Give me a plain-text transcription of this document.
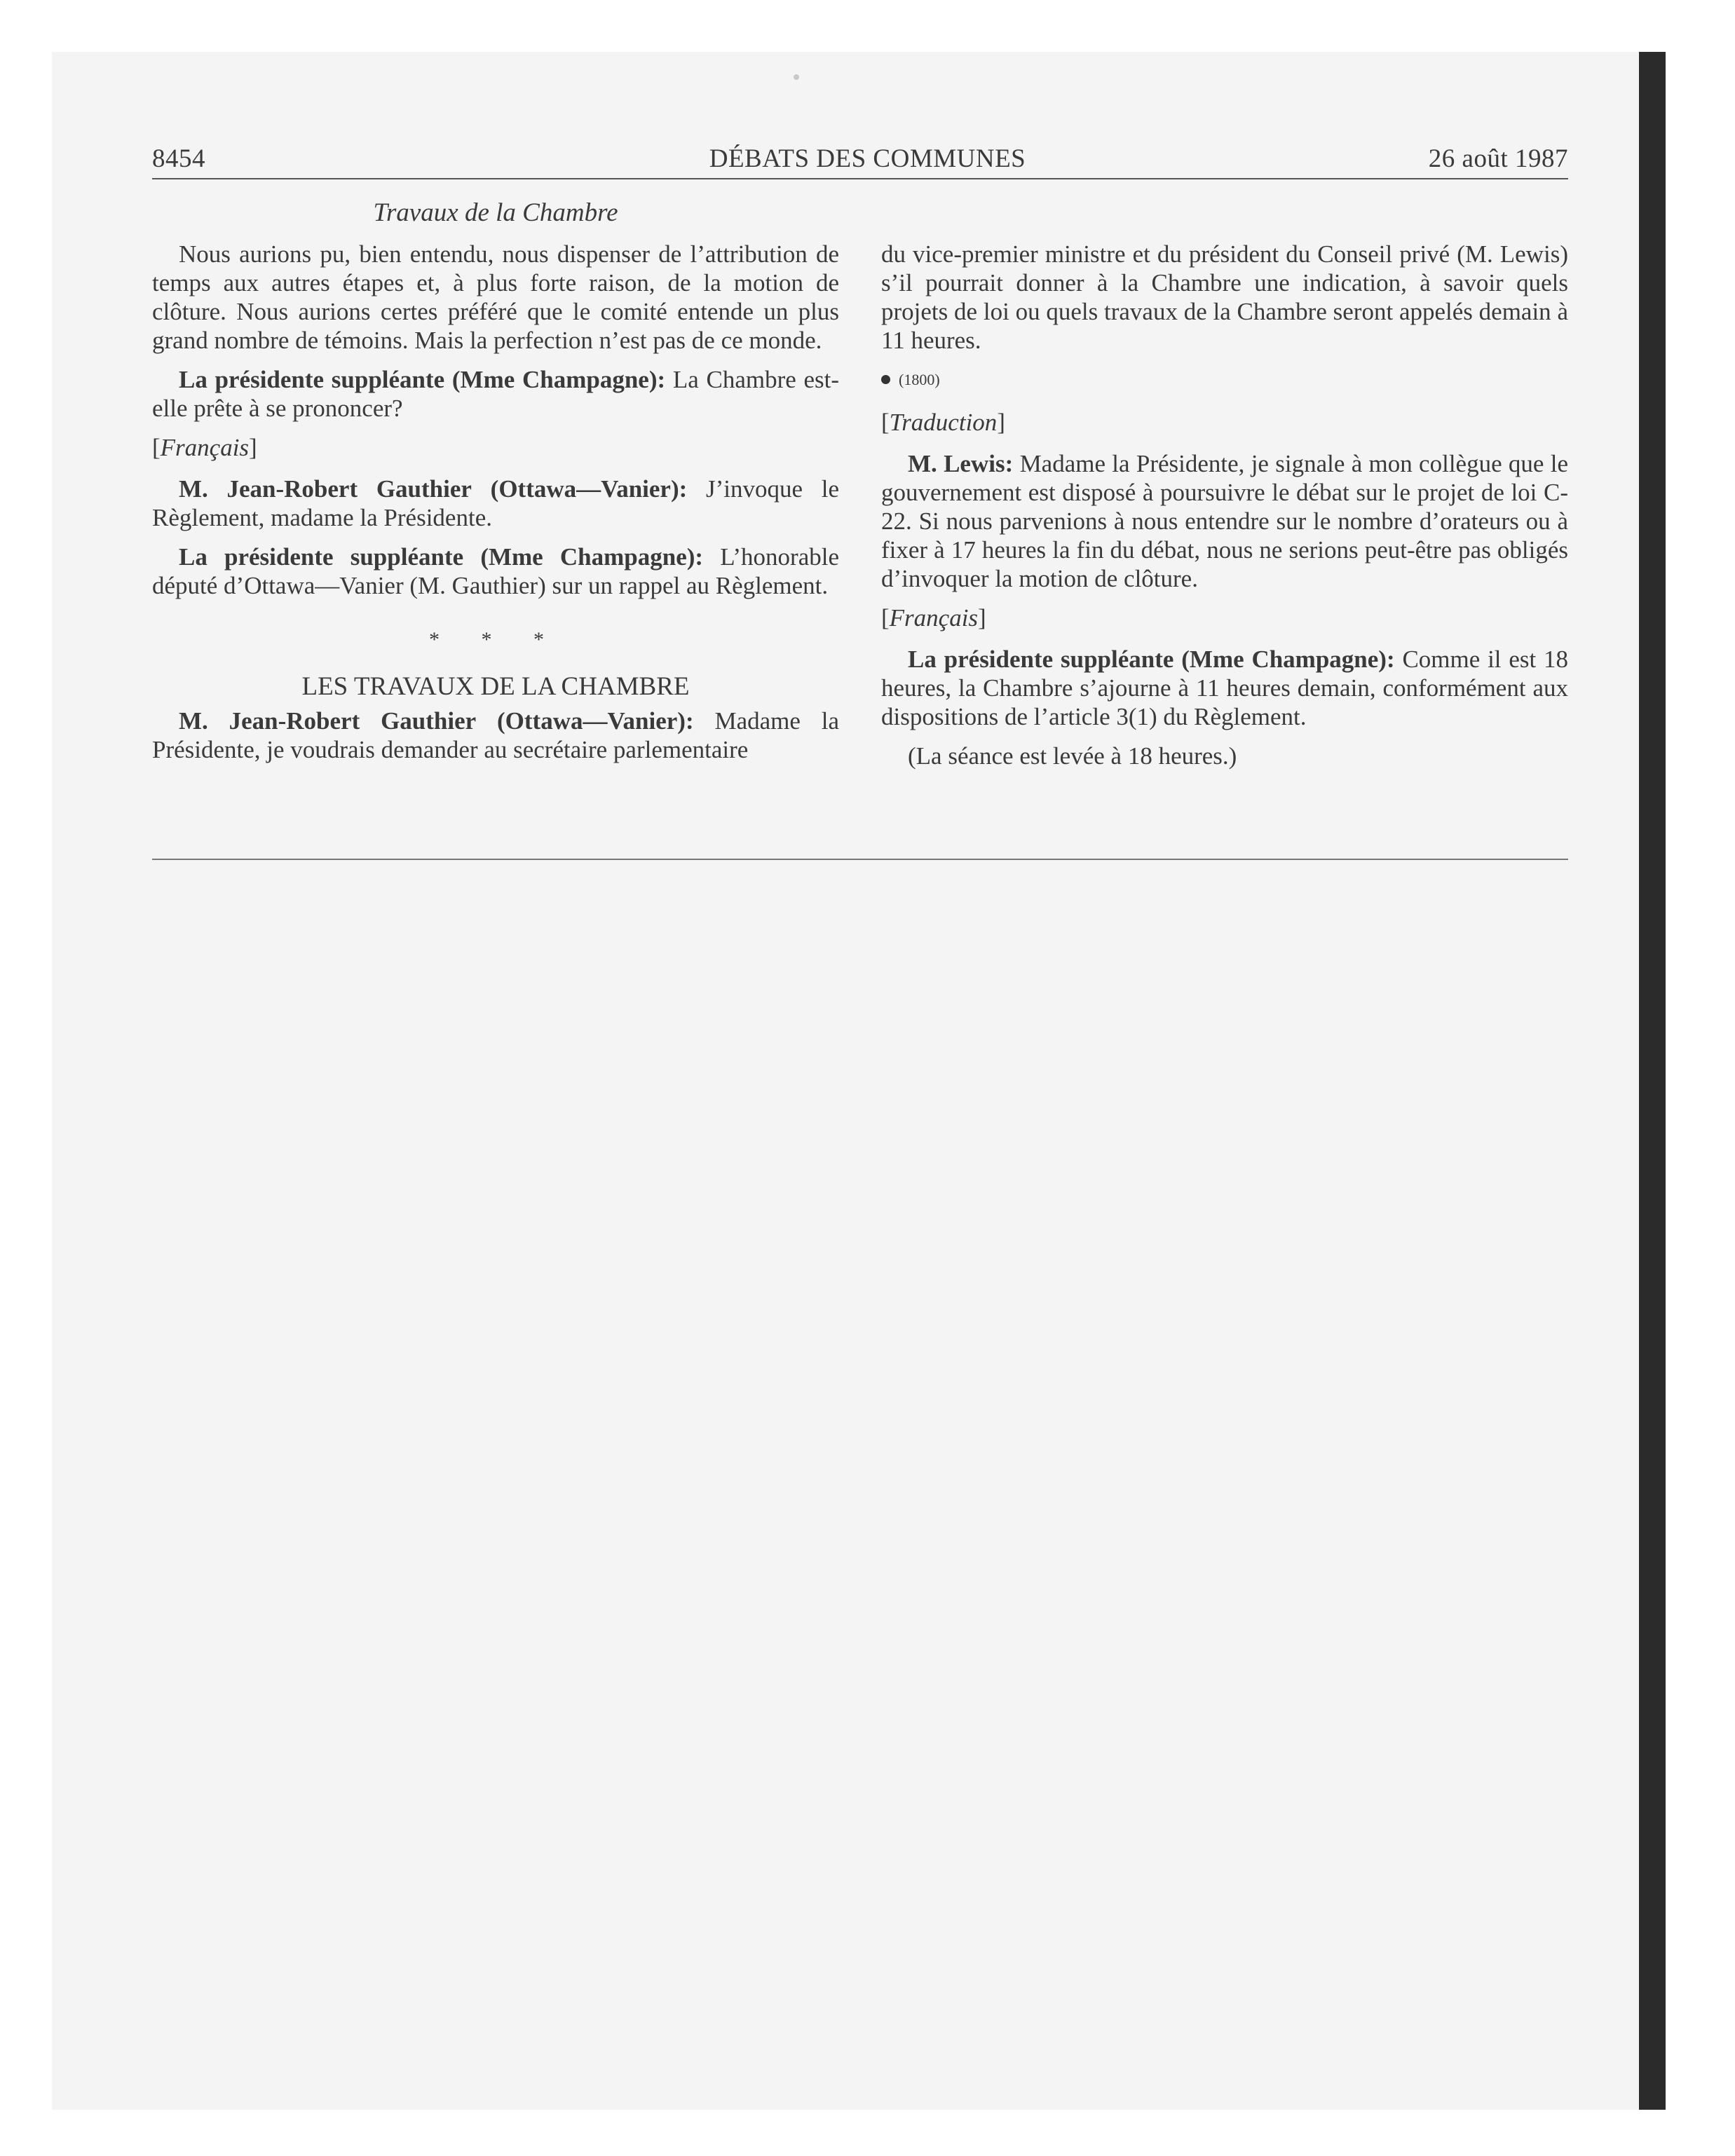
8454	DÉBATS DES COMMUNES	26 août 1987
Travaux de la Chambre

Nous aurions pu, bien entendu, nous dispenser de l’attribution de temps aux autres étapes et, à plus forte raison, de la motion de clôture. Nous aurions certes préféré que le comité entende un plus grand nombre de témoins. Mais la perfection n’est pas de ce monde.

La présidente suppléante (Mme Champagne): La Chambre est-elle prête à se prononcer?

[Français]

M. Jean-Robert Gauthier (Ottawa—Vanier): J’invoque le Règlement, madame la Présidente.

La présidente suppléante (Mme Champagne): L’honorable député d’Ottawa—Vanier (M. Gauthier) sur un rappel au Règlement.

* * *
LES TRAVAUX DE LA CHAMBRE

M. Jean-Robert Gauthier (Ottawa—Vanier): Madame la Présidente, je voudrais demander au secrétaire parlementaire

du vice-premier ministre et du président du Conseil privé (M. Lewis) s’il pourrait donner à la Chambre une indication, à savoir quels projets de loi ou quels travaux de la Chambre seront appelés demain à 11 heures.

(1800)
[Traduction]

M. Lewis: Madame la Présidente, je signale à mon collègue que le gouvernement est disposé à poursuivre le débat sur le projet de loi C-22. Si nous parvenions à nous entendre sur le nombre d’orateurs ou à fixer à 17 heures la fin du débat, nous ne serions peut-être pas obligés d’invoquer la motion de clôture.

[Français]

La présidente suppléante (Mme Champagne): Comme il est 18 heures, la Chambre s’ajourne à 11 heures demain, conformément aux dispositions de l’article 3(1) du Règlement.

(La séance est levée à 18 heures.)
